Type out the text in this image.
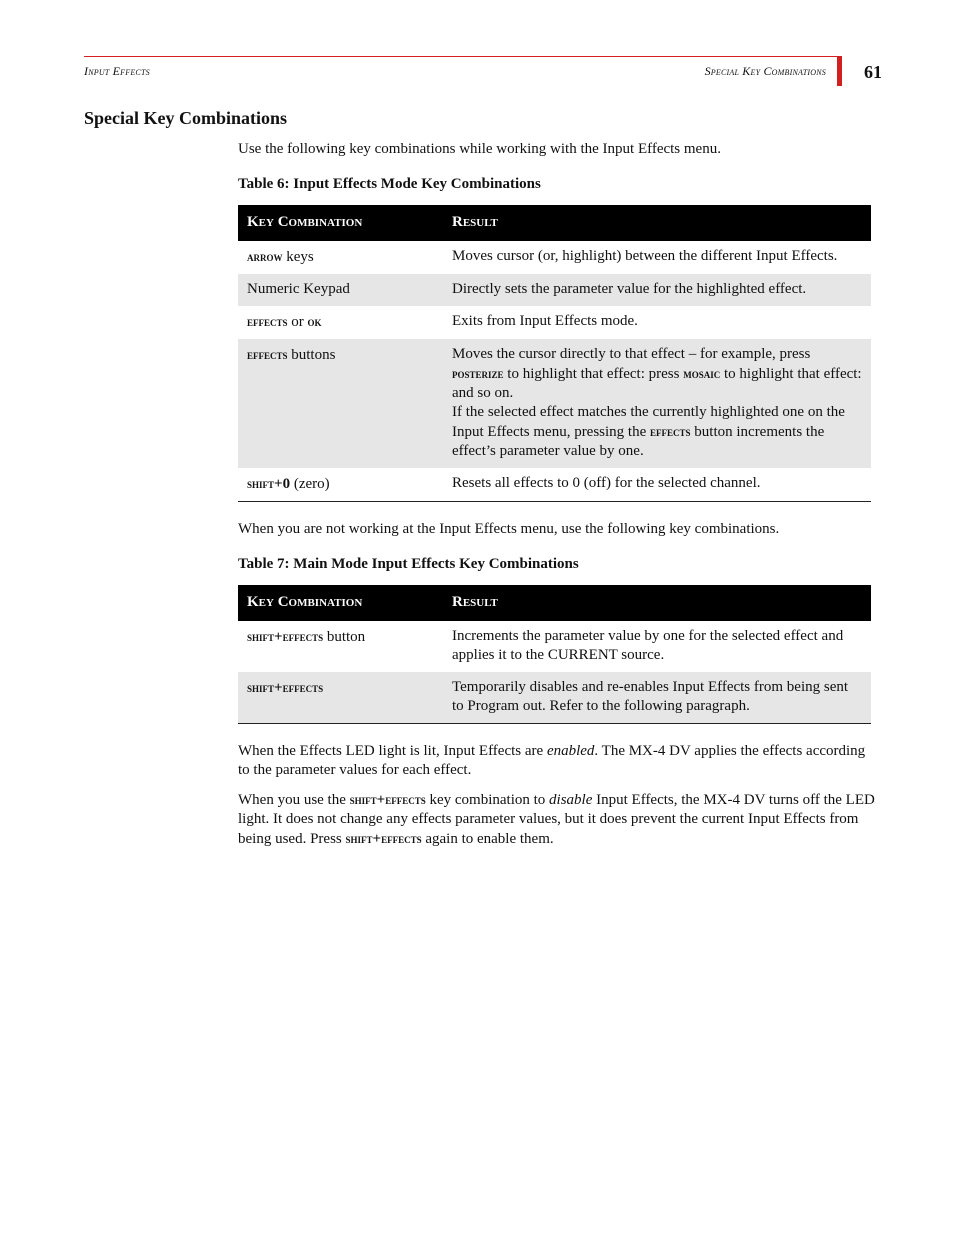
Input Effects	Special Key Combinations 61
Special Key Combinations

Use the following key combinations while working with the Input Effects menu.

Table 6: Input Effects Mode Key Combinations

Key Combination	Result
arrow keys	Moves cursor (or, highlight) between the different Input Effects.
Numeric Keypad	Directly sets the parameter value for the highlighted effect.
effects or ok	Exits from Input Effects mode.
effects buttons	Moves the cursor directly to that effect – for example, press posterize to highlight that effect: press mosaic to highlight that effect: and so on.
If the selected effect matches the currently highlighted one on the Input Effects menu, pressing the effects button increments the effect’s parameter value by one.
shift+0 (zero)	Resets all effects to 0 (off) for the selected channel.

When you are not working at the Input Effects menu, use the following key combinations.

Table 7: Main Mode Input Effects Key Combinations

Key Combination	Result
shift+effects button	Increments the parameter value by one for the selected effect and applies it to the CURRENT source.
shift+effects	Temporarily disables and re-enables Input Effects from being sent to Program out. Refer to the following paragraph.

When the Effects LED light is lit, Input Effects are enabled. The MX-4 DV applies the effects according to the parameter values for each effect.

When you use the shift+effects key combination to disable Input Effects, the MX-4 DV turns off the LED light. It does not change any effects parameter values, but it does prevent the current Input Effects from being used. Press shift+effects again to enable them.
